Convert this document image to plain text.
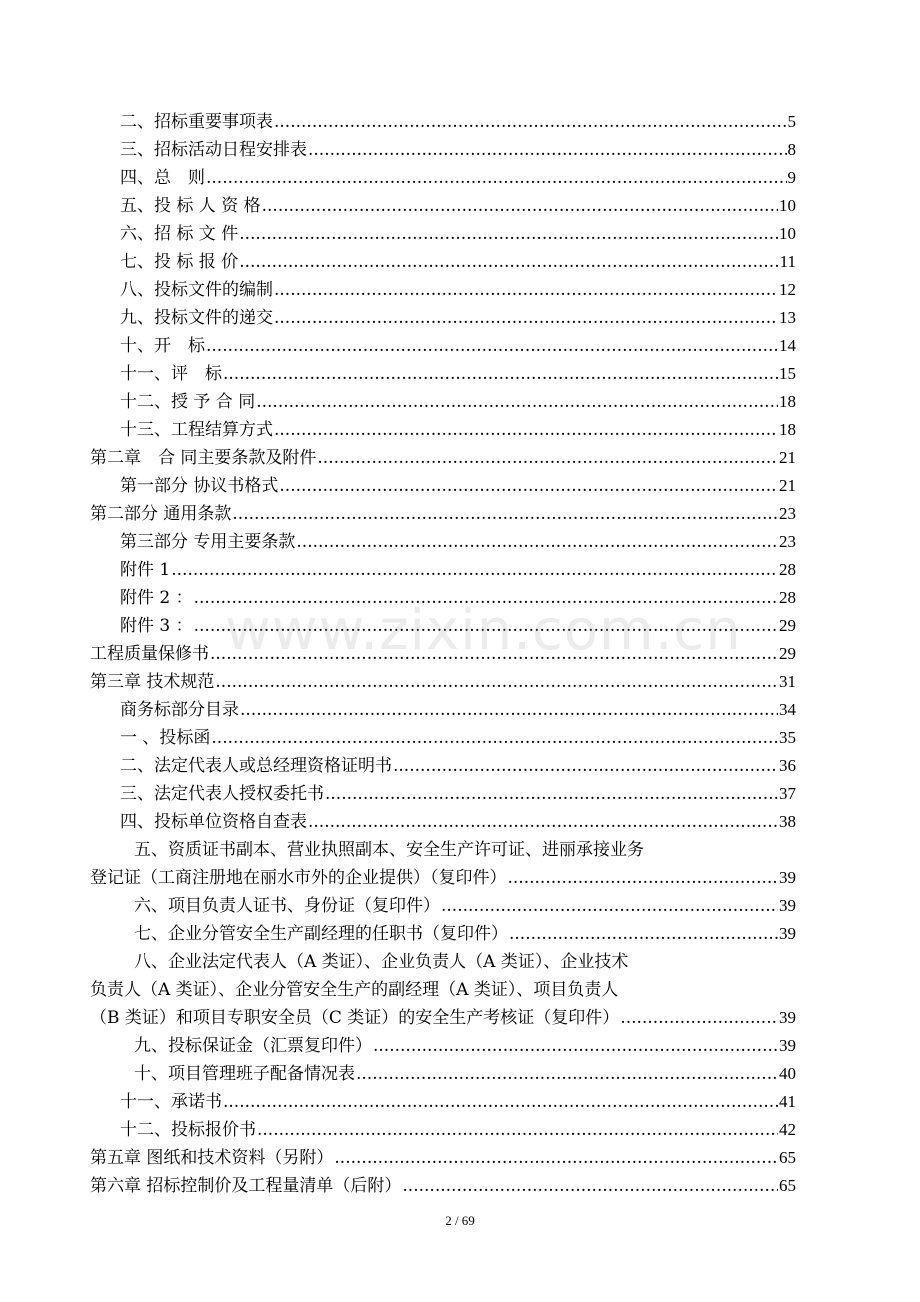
二、招标重要事项表 .....	5
三、招标活动日程安排表 .....	8
四、总　则 .....	9
五、投 标 人 资 格 .....	10
六、招 标 文 件 .....	10
七、投 标 报 价 .....	11
八、投标文件的编制 .....	12
九、投标文件的递交 .....	13
十、开　标 .....	14
十一、评　标 .....	15
十二、授 予 合 同 .....	18
十三、工程结算方式 .....	18
第二章　合 同主要条款及附件 .....	21
第一部分 协议书格式 .....	21
第二部分 通用条款 .....	23
第三部分 专用主要条款 .....	23
附件 1 .....	28
附件 2 ： .....	28
附件 3 ： .....	29
工程质量保修书 .....	29
第三章 技术规范 .....	31
商务标部分目录 .....	34
一 、投标函 .....	35
二、法定代表人或总经理资格证明书 .....	36
三、法定代表人授权委托书 .....	37
四、投标单位资格自查表 .....	38
五、资质证书副本、营业执照副本、安全生产许可证、进丽承接业务
登记证（工商注册地在丽水市外的企业提供）（复印件） .....	39
六、项目负责人证书、身份证（复印件） .....	39
七、企业分管安全生产副经理的任职书（复印件） .....	39
八、企业法定代表人（A 类证）、企业负责人（A 类证）、企业技术
负责人（A 类证）、企业分管安全生产的副经理（A 类证）、项目负责人
（B 类证）和项目专职安全员（C 类证）的安全生产考核证（复印件） .....	39
九、投标保证金（汇票复印件） .....	39
十、项目管理班子配备情况表 .....	40
十一、承诺书 .....	41
十二、投标报价书 .....	42
第五章 图纸和技术资料（另附） .....	65
第六章 招标控制价及工程量清单（后附） .....	65
www.zixin.com.cn
2 / 69
